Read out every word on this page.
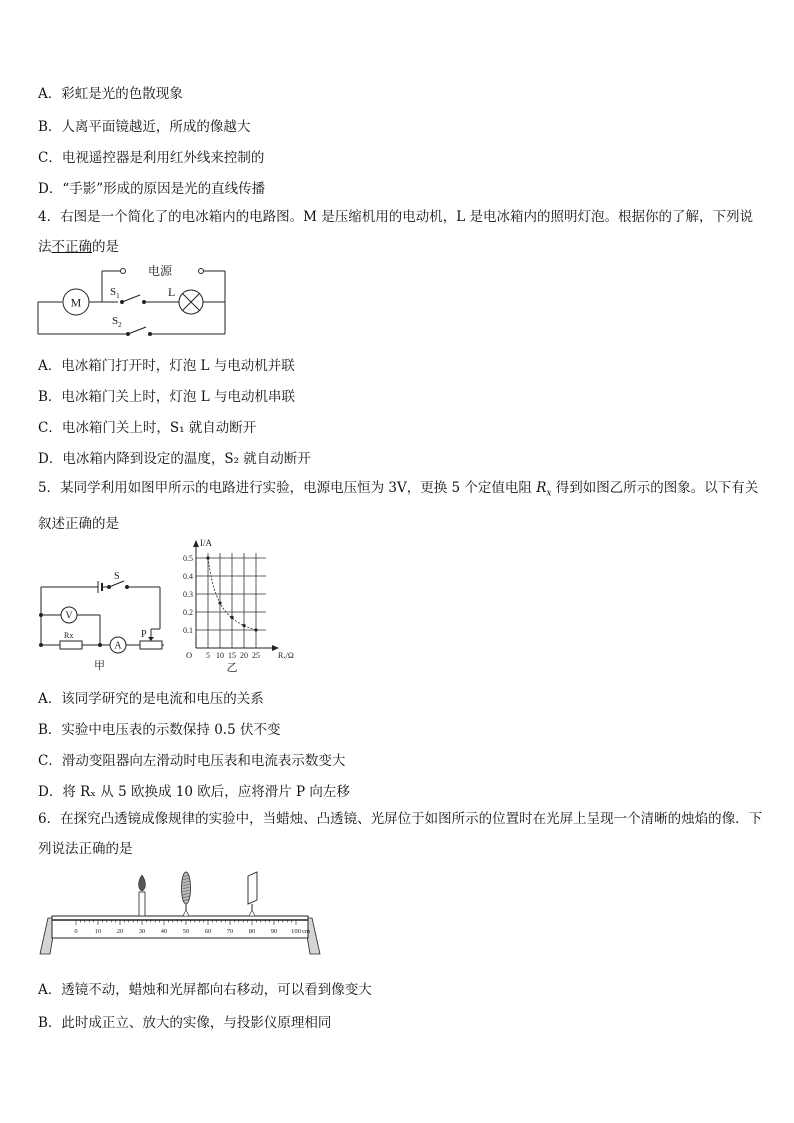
A．彩虹是光的色散现象
B．人离平面镜越近，所成的像越大
C．电视遥控器是利用红外线来控制的
D．“手影”形成的原因是光的直线传播
4．右图是一个简化了的电冰箱内的电路图。M 是压缩机用的电动机，L 是电冰箱内的照明灯泡。根据你的了解，下列说法不正确的是
M
电源
$S_1$	L
$S_2$
A．电冰箱门打开时，灯泡 L 与电动机并联
B．电冰箱门关上时，灯泡 L 与电动机串联
C．电冰箱门关上时，S₁ 就自动断开
D．电冰箱内降到设定的温度，S₂ 就自动断开
5．某同学利用如图甲所示的电路进行实验，电源电压恒为 3V，更换 5 个定值电阻 $R_x$ 得到如图乙所示的图象。以下有关叙述正确的是
S
V
A
Rx	P
甲
0.5
0.4
0.3
0.2
0.1
5 10 15 20 25
O
I/A
Rₓ/Ω
乙
A．该同学研究的是电流和电压的关系
B．实验中电压表的示数保持 0.5 伏不变
C．滑动变阻器向左滑动时电压表和电流表示数变大
D．将 Rₓ 从 5 欧换成 10 欧后，应将滑片 P 向左移
6．在探究凸透镜成像规律的实验中，当蜡烛、凸透镜、光屏位于如图所示的位置时在光屏上呈现一个清晰的烛焰的像．下列说法正确的是
0	10 20 30 40 50 60 70 80 90 100 cm
A．透镜不动，蜡烛和光屏都向右移动，可以看到像变大
B．此时成正立、放大的实像，与投影仪原理相同
